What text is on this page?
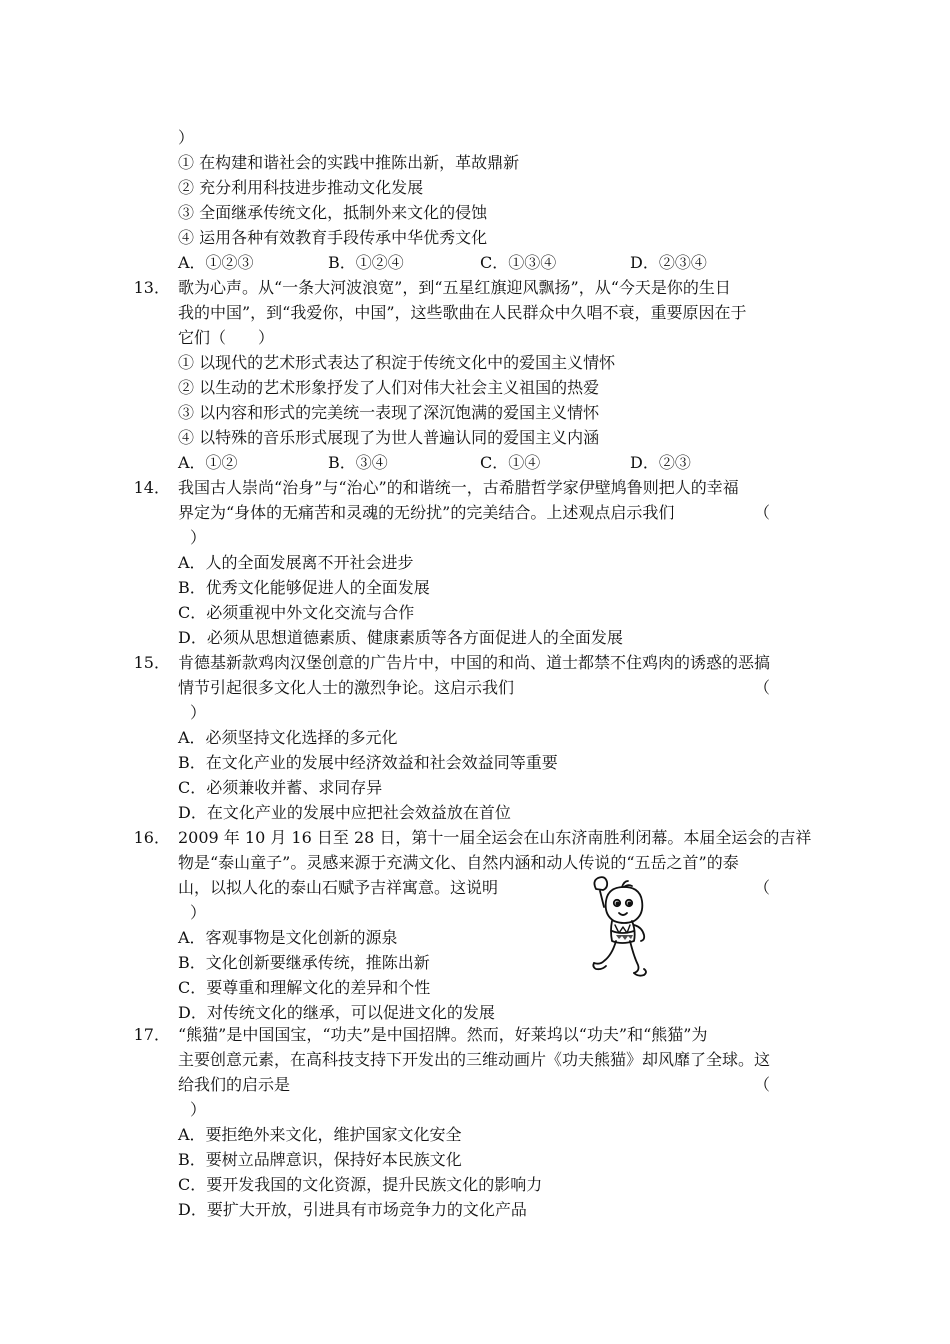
）
① 在构建和谐社会的实践中推陈出新，革故鼎新
② 充分利用科技进步推动文化发展
③ 全面继承传统文化，抵制外来文化的侵蚀
④ 运用各种有效教育手段传承中华优秀文化
A．①②③	B．①②④	C．①③④	D．②③④
13． 歌为心声。从“一条大河波浪宽”，到“五星红旗迎风飘扬”，从“今天是你的生日
我的中国”，到“我爱你，中国”，这些歌曲在人民群众中久唱不衰，重要原因在于
它们（　　）
① 以现代的艺术形式表达了积淀于传统文化中的爱国主义情怀
② 以生动的艺术形象抒发了人们对伟大社会主义祖国的热爱
③ 以内容和形式的完美统一表现了深沉饱满的爱国主义情怀
④ 以特殊的音乐形式展现了为世人普遍认同的爱国主义内涵
A．①②	B．③④	C．①④	D．②③
14． 我国古人崇尚“治身”与“治心”的和谐统一，古希腊哲学家伊壁鸠鲁则把人的幸福
界定为“身体的无痛苦和灵魂的无纷扰”的完美结合。上述观点启示我们	（
）
A．人的全面发展离不开社会进步
B．优秀文化能够促进人的全面发展
C．必须重视中外文化交流与合作
D．必须从思想道德素质、健康素质等各方面促进人的全面发展
15． 肯德基新款鸡肉汉堡创意的广告片中，中国的和尚、道士都禁不住鸡肉的诱惑的恶搞
情节引起很多文化人士的激烈争论。这启示我们	（
）
A．必须坚持文化选择的多元化
B．在文化产业的发展中经济效益和社会效益同等重要
C．必须兼收并蓄、求同存异
D．在文化产业的发展中应把社会效益放在首位
16． 2009 年 10 月 16 日至 28 日，第十一届全运会在山东济南胜利闭幕。本届全运会的吉祥
物是“泰山童子”。灵感来源于充满文化、自然内涵和动人传说的“五岳之首”的泰
山，以拟人化的泰山石赋予吉祥寓意。这说明	（
）
A．客观事物是文化创新的源泉
B．文化创新要继承传统，推陈出新
C．要尊重和理解文化的差异和个性
D．对传统文化的继承，可以促进文化的发展
17． “熊猫”是中国国宝，“功夫”是中国招牌。然而，好莱坞以“功夫”和“熊猫”为
主要创意元素，在高科技支持下开发出的三维动画片《功夫熊猫》却风靡了全球。这
给我们的启示是	（
）
A．要拒绝外来文化，维护国家文化安全
B．要树立品牌意识，保持好本民族文化
C．要开发我国的文化资源，提升民族文化的影响力
D．要扩大开放，引进具有市场竞争力的文化产品
